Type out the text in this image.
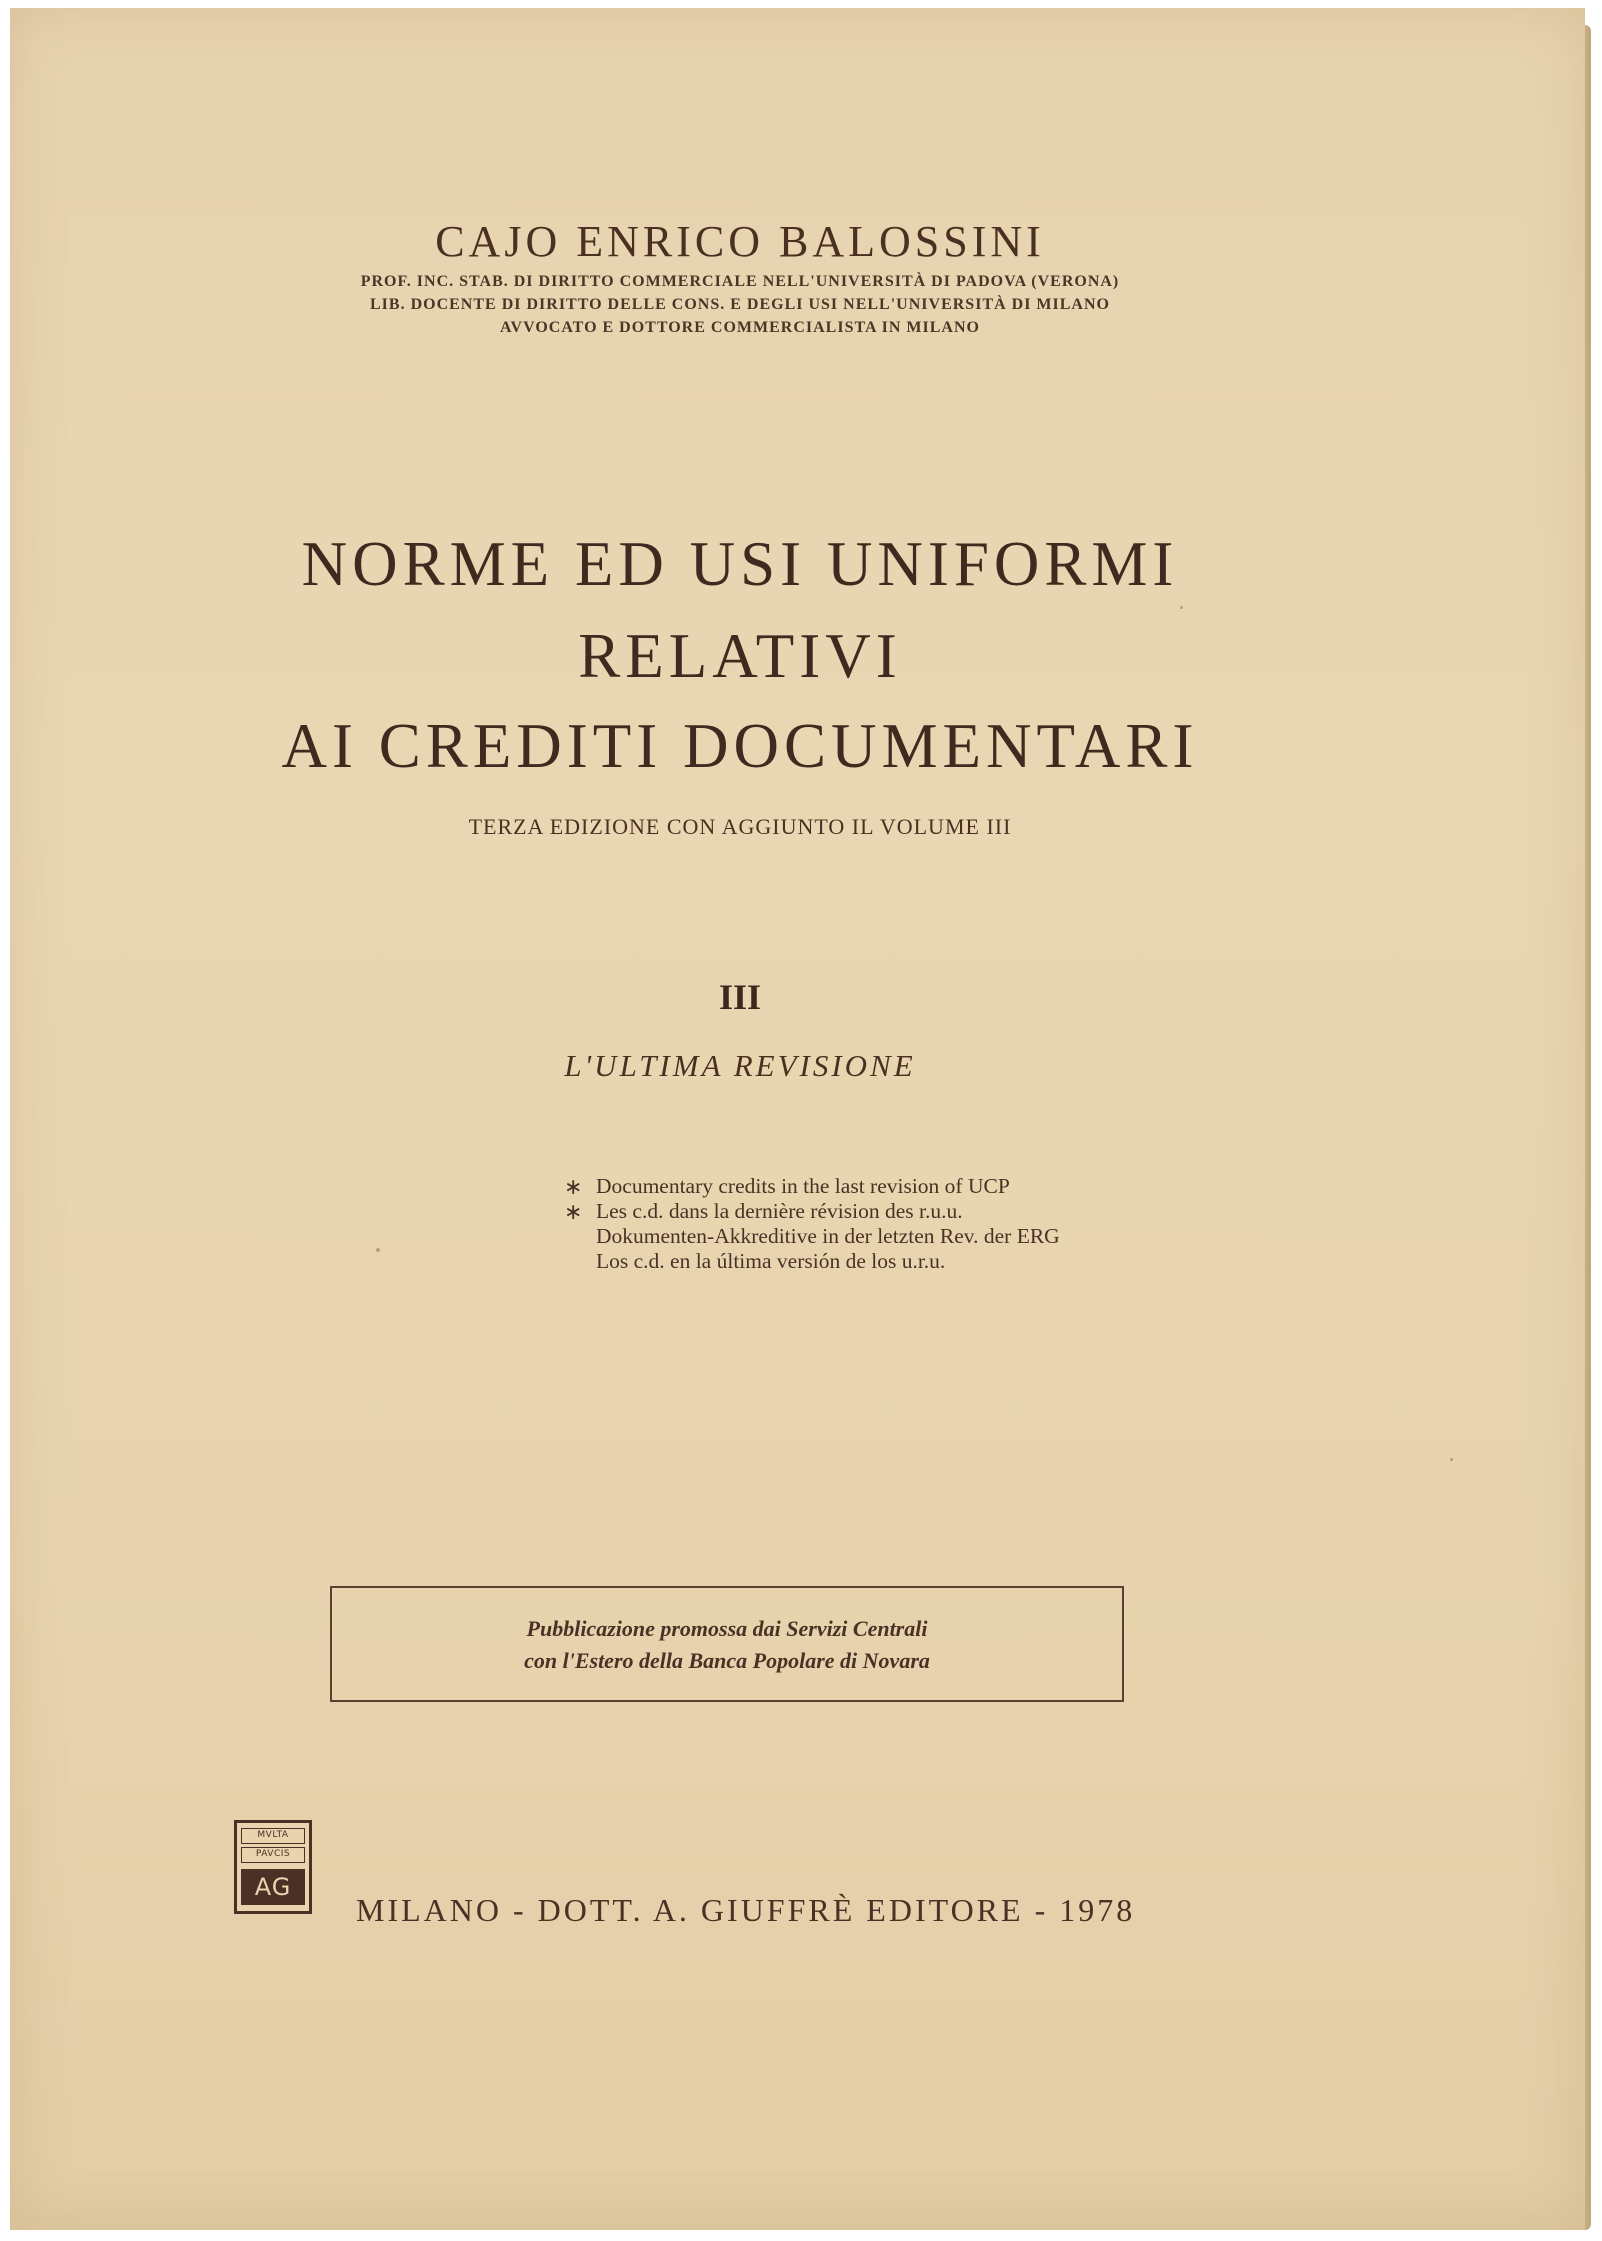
CAJO ENRICO BALOSSINI

PROF. INC. STAB. DI DIRITTO COMMERCIALE NELL'UNIVERSITÀ DI PADOVA (VERONA)

LIB. DOCENTE DI DIRITTO DELLE CONS. E DEGLI USI NELL'UNIVERSITÀ DI MILANO

AVVOCATO E DOTTORE COMMERCIALISTA IN MILANO

NORME ED USI UNIFORMI

RELATIVI

AI CREDITI DOCUMENTARI

TERZA EDIZIONE CON AGGIUNTO IL VOLUME III

III

L'ULTIMA REVISIONE

∗ Documentary credits in the last revision of UCP
∗ Les c.d. dans la dernière révision des r.u.u.
Dokumenten-Akkreditive in der letzten Rev. der ERG
Los c.d. en la última versión de los u.r.u.

Pubblicazione promossa dai Servizi Centrali

con l'Estero della Banca Popolare di Novara

MVLTA
PAVCIS
AG

MILANO - DOTT. A. GIUFFRÈ EDITORE - 1978
